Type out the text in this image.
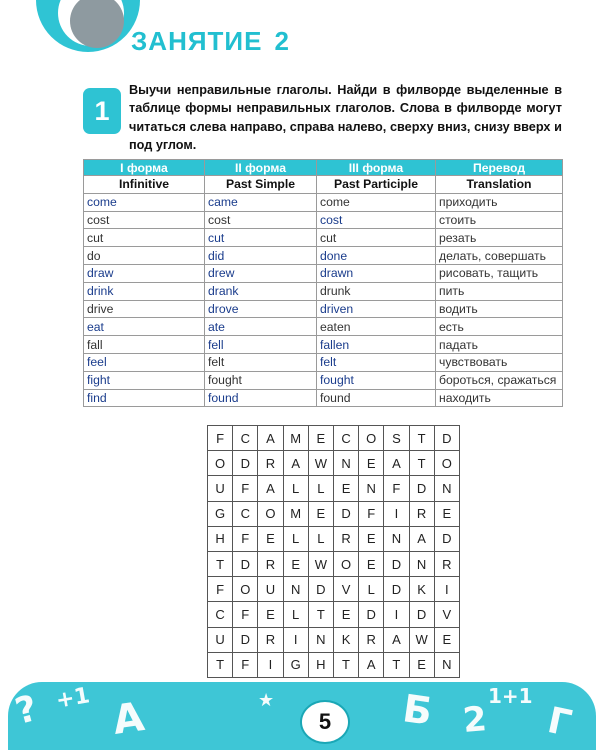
ЗАНЯТИЕ 2
1
Выучи неправильные глаголы. Найди в филворде выделенные в таблице формы неправильных глаголов. Слова в филворде могут читаться слева направо, справа налево, сверху вниз, снизу вверх и под углом.
I форма	II форма	III форма	Перевод
Infinitive	Past Simple	Past Participle	Translation
come	came	come	приходить
cost	cost	cost	стоить
cut	cut	cut	резать
do	did	done	делать, совершать
draw	drew	drawn	рисовать, тащить
drink	drank	drunk	пить
drive	drove	driven	водить
eat	ate	eaten	есть
fall	fell	fallen	падать
feel	felt	felt	чувствовать
fight	fought	fought	бороться, сражаться
find	found	found	находить
F	C	A	M	E	C	O	S	T	D
O	D	R	A	W	N	E	A	T	O
U	F	A	L	L	E	N	F	D	N
G	C	O	M	E	D	F	I	R	E
H	F	E	L	L	R	E	N	A	D
T	D	R	E	W	O	E	D	N	R
F	O	U	N	D	V	L	D	K	I
C	F	E	L	T	E	D	I	D	V
U	D	R	I	N	K	R	A	W	E
T	F	I	G	H	T	A	T	E	N
? +1 A	Б 2
1+1
Г
★
5
